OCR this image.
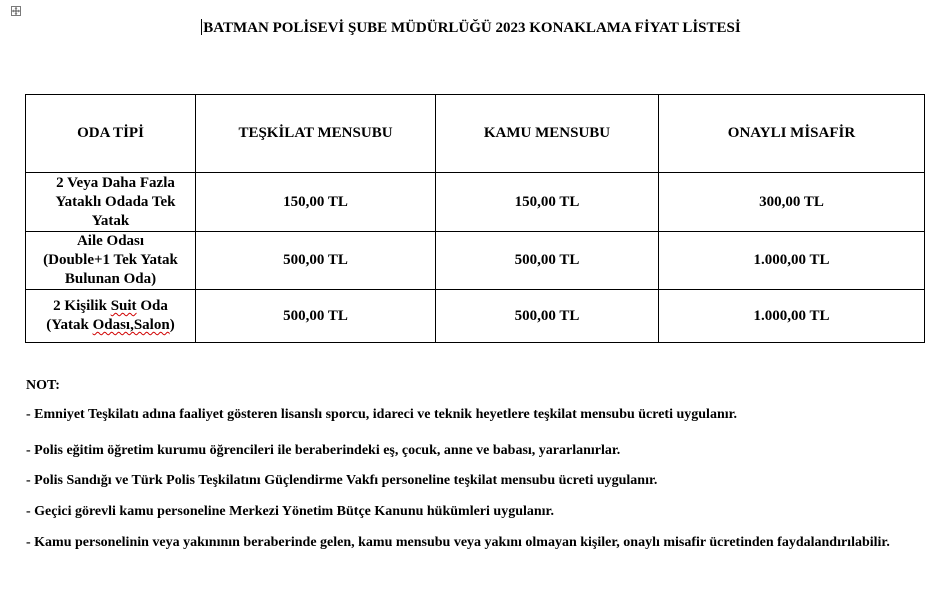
BATMAN POLİSEVİ ŞUBE MÜDÜRLÜĞÜ 2023 KONAKLAMA FİYAT LİSTESİ
ODA TİPİ	TEŞKİLAT MENSUBU	KAMU MENSUBU	ONAYLI MİSAFİR

2 Veya Daha Fazla
Yataklı Odada Tek
Yatak	150,00 TL	150,00 TL	300,00 TL

Aile Odası
(Double+1 Tek Yatak
Bulunan Oda)	500,00 TL	500,00 TL	1.000,00 TL

2 Kişilik Suit Oda
(Yatak Odası,Salon)	500,00 TL	500,00 TL	1.000,00 TL

NOT:

- Emniyet Teşkilatı adına faaliyet gösteren lisanslı sporcu, idareci ve teknik heyetlere teşkilat mensubu ücreti uygulanır.

- Polis eğitim öğretim kurumu öğrencileri ile beraberindeki eş, çocuk, anne ve babası, yararlanırlar.

- Polis Sandığı ve Türk Polis Teşkilatını Güçlendirme Vakfı personeline teşkilat mensubu ücreti uygulanır.

- Geçici görevli kamu personeline Merkezi Yönetim Bütçe Kanunu hükümleri uygulanır.

- Kamu personelinin veya yakınının beraberinde gelen, kamu mensubu veya yakını olmayan kişiler, onaylı misafir ücretinden faydalandırılabilir.
